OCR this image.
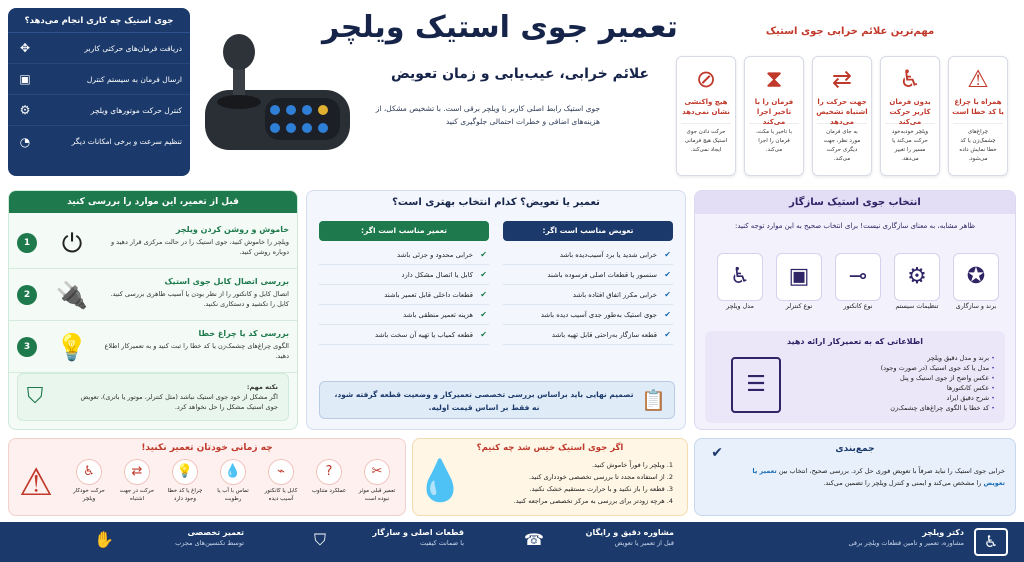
تعمیر جوی استیک ویلچر
علائم خرابی، عیب‌یابی و زمان تعویض
جوی استیک رابط اصلی کاربر با ویلچر برقی است. با تشخیص مشکل، از هزینه‌های اضافی و خطرات احتمالی جلوگیری کنید
جوی استیک چه کاری انجام می‌دهد؟
دریافت فرمان‌های حرکتی کاربر
✥
ارسال فرمان به سیستم کنترل
▣
کنترل حرکت موتورهای ویلچر
⚙
تنظیم سرعت و برخی امکانات دیگر
◔
مهم‌ترین علائم خرابی جوی استیک
⚠
همراه با چراغ یا کد خطا است
چراغ‌های چشمک‌زن یا کد خطا نمایش داده می‌شود.
♿
بدون فرمان کاربر حرکت می‌کند
ویلچر خودبه‌خود حرکت می‌کند یا مسیر را تغییر می‌دهد.
⇄
جهت حرکت را اشتباه تشخیص می‌دهد
به جای فرمان مورد نظر، جهت دیگری حرکت می‌کند.
⧗
فرمان را با تاخیر اجرا می‌کند
با تاخیر یا مکث، فرمان را اجرا می‌کند.
⊘
هیچ واکنشی نشان نمی‌دهد
حرکت دادن جوی استیک هیچ فرمانی ایجاد نمی‌کند.
قبل از تعمیر، این موارد را بررسی کنید
1 ⏻	خاموش و روشن کردن ویلچر
ویلچر را خاموش کنید، جوی استیک را در حالت مرکزی قرار دهید و دوباره روشن کنید.
2 🔌	بررسی اتصال کابل جوی استیک
اتصال کابل و کانکتور را از نظر بودن یا آسیب ظاهری بررسی کنید. کابل را تکشید و دستکاری نکنید.
3 💡	بررسی کد یا چراغ خطا
الگوی چراغ‌های چشمک‌زن یا کد خطا را ثبت کنید و به تعمیرکار اطلاع دهید.
⛉	نکته مهم:
اگر مشکل از خود جوی استیک نباشد (مثل کنترلر، موتور یا باتری)، تعویض جوی استیک مشکل را حل نخواهد کرد.
تعمیر یا تعویض؟ کدام انتخاب بهتری است؟
تعویض مناسب است اگر:
✔ خرابی شدید یا برد آسیب‌دیده باشد
✔ سنسور یا قطعات اصلی فرسوده باشند
✔ خرابی مکرر اتفاق افتاده باشد
✔ جوی استیک به‌طور جدی آسیب دیده باشد
✔ قطعه سازگار به‌راحتی قابل تهیه باشد
تعمیر مناسب است اگر:
✔ خرابی محدود و جزئی باشد
✔ کابل یا اتصال مشکل دارد
✔ قطعات داخلی قابل تعمیر باشند
✔ هزینه تعمیر منطقی باشد
✔ قطعه کمیاب یا تهیه آن سخت باشد
📋
تصمیم نهایی باید براساس بررسی تخصصی تعمیرکار و وضعیت قطعه گرفته شود، نه فقط بر اساس قیمت اولیه.
انتخاب جوی استیک سازگار
ظاهر مشابه، به معنای سازگاری نیست! برای انتخاب صحیح به این موارد توجه کنید:
✪
برند و سازگاری
⚙
تنظیمات سیستم
⊸
نوع کانکتور
▣
نوع کنترلر
♿
مدل ویلچر
اطلاعاتی که به تعمیرکار ارائه دهید
• برند و مدل دقیق ویلچر
• مدل یا کد جوی استیک (در صورت وجود)
• عکس واضح از جوی استیک و پنل
• عکس کانکتورها
• شرح دقیق ایراد
• کد خطا یا الگوی چراغ‌های چشمک‌زن
☰
چه زمانی خودتان تعمیر نکنید!
✂
تعمیر قبلی موثر نبوده است
?
عملکرد متناوب
⌁
کابل یا کانکتور آسیب دیده
💧
تماس با آب یا رطوبت
💡
چراغ یا کد خطا وجود دارد
⇄
حرکت در جهت اشتباه
♿
حرکت خودکار ویلچر
⚠
اگر جوی استیک خیس شد چه کنیم؟
1. ویلچر را فوراً خاموش کنید.
2. از استفاده مجدد تا بررسی تخصصی خودداری کنید.
3. قطعه را باز نکنید و با حرارت مستقیم خشک نکنید.
4. هرچه زودتر برای بررسی به مرکز تخصصی مراجعه کنید.
💧
جمع‌بندی
✔
خرابی جوی استیک را نباید صرفاً با تعویض فوری حل کرد. بررسی صحیح، انتخاب بین تعمیر یا تعویض را مشخص می‌کند و ایمنی و کنترل ویلچر را تضمین می‌کند.
دکتر ویلچر
مشاوره، تعمیر و تامین قطعات ویلچر برقی	♿
مشاوره دقیق و رایگان
قبل از تعمیر یا تعویض
☎
قطعات اصلی و سازگار
با ضمانت کیفیت
⛉
تعمیر تخصصی
توسط تکنسین‌های مجرب
✋
